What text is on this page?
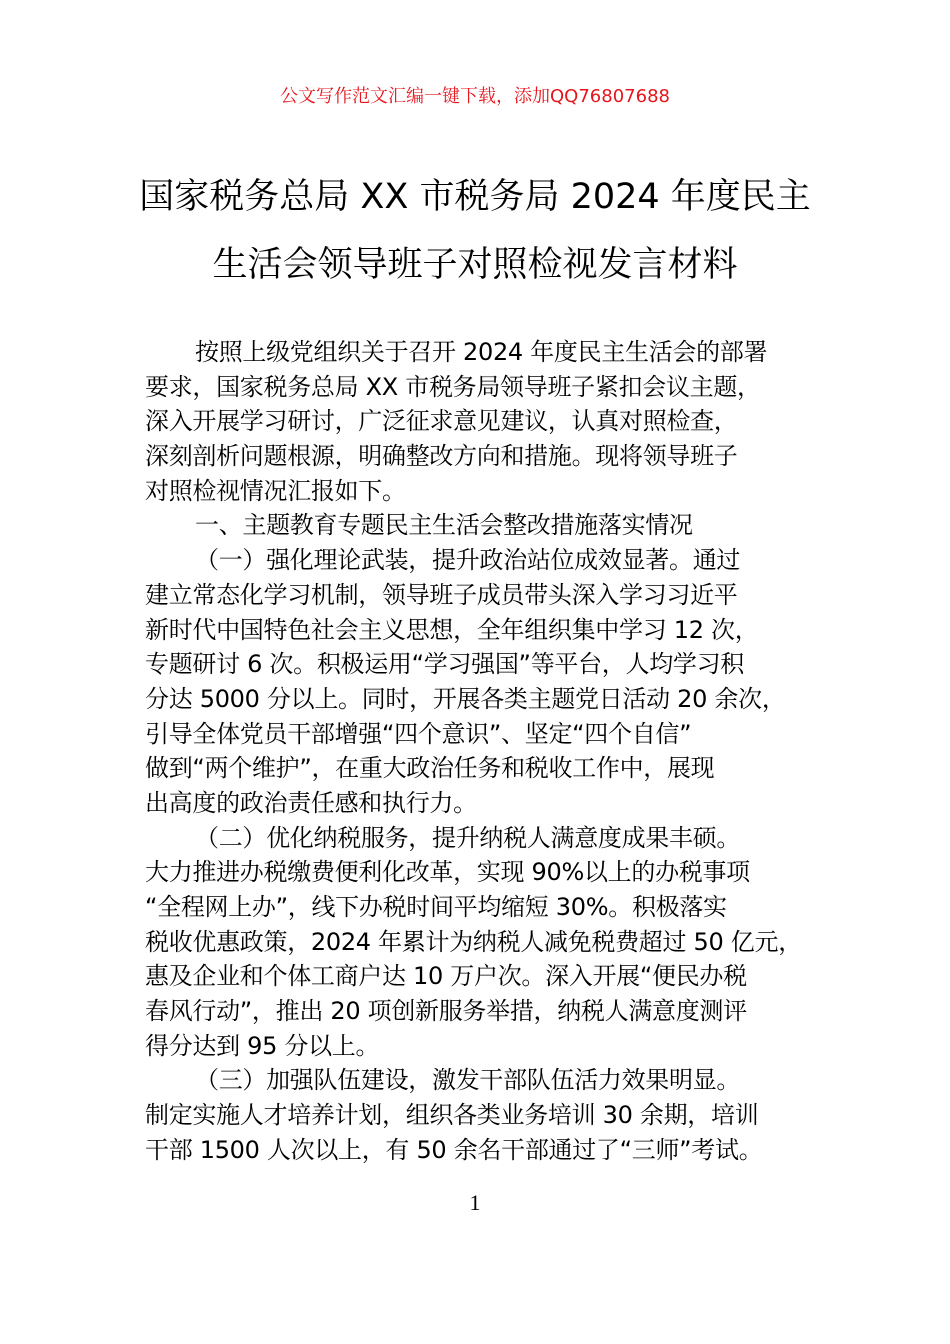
公文写作范文汇编一键下载，添加QQ76807688
国家税务总局 XX 市税务局 2024 年度民主
生活会领导班子对照检视发言材料
按照上级党组织关于召开 2024 年度民主生活会的部署
要求，国家税务总局 XX 市税务局领导班子紧扣会议主题，
深入开展学习研讨，广泛征求意见建议，认真对照检查，
深刻剖析问题根源，明确整改方向和措施。现将领导班子
对照检视情况汇报如下。
一、主题教育专题民主生活会整改措施落实情况
（一）强化理论武装，提升政治站位成效显著。通过
建立常态化学习机制，领导班子成员带头深入学习习近平
新时代中国特色社会主义思想，全年组织集中学习 12 次，
专题研讨 6 次。积极运用“学习强国”等平台，人均学习积
分达 5000 分以上。同时，开展各类主题党日活动 20 余次，
引导全体党员干部增强“四个意识”、坚定“四个自信”
做到“两个维护”，在重大政治任务和税收工作中，展现
出高度的政治责任感和执行力。
（二）优化纳税服务，提升纳税人满意度成果丰硕。
大力推进办税缴费便利化改革，实现 90%以上的办税事项
“全程网上办”，线下办税时间平均缩短 30%。积极落实
税收优惠政策，2024 年累计为纳税人减免税费超过 50 亿元，
惠及企业和个体工商户达 10 万户次。深入开展“便民办税
春风行动”，推出 20 项创新服务举措，纳税人满意度测评
得分达到 95 分以上。
（三）加强队伍建设，激发干部队伍活力效果明显。
制定实施人才培养计划，组织各类业务培训 30 余期，培训
干部 1500 人次以上，有 50 余名干部通过了“三师”考试。
1
